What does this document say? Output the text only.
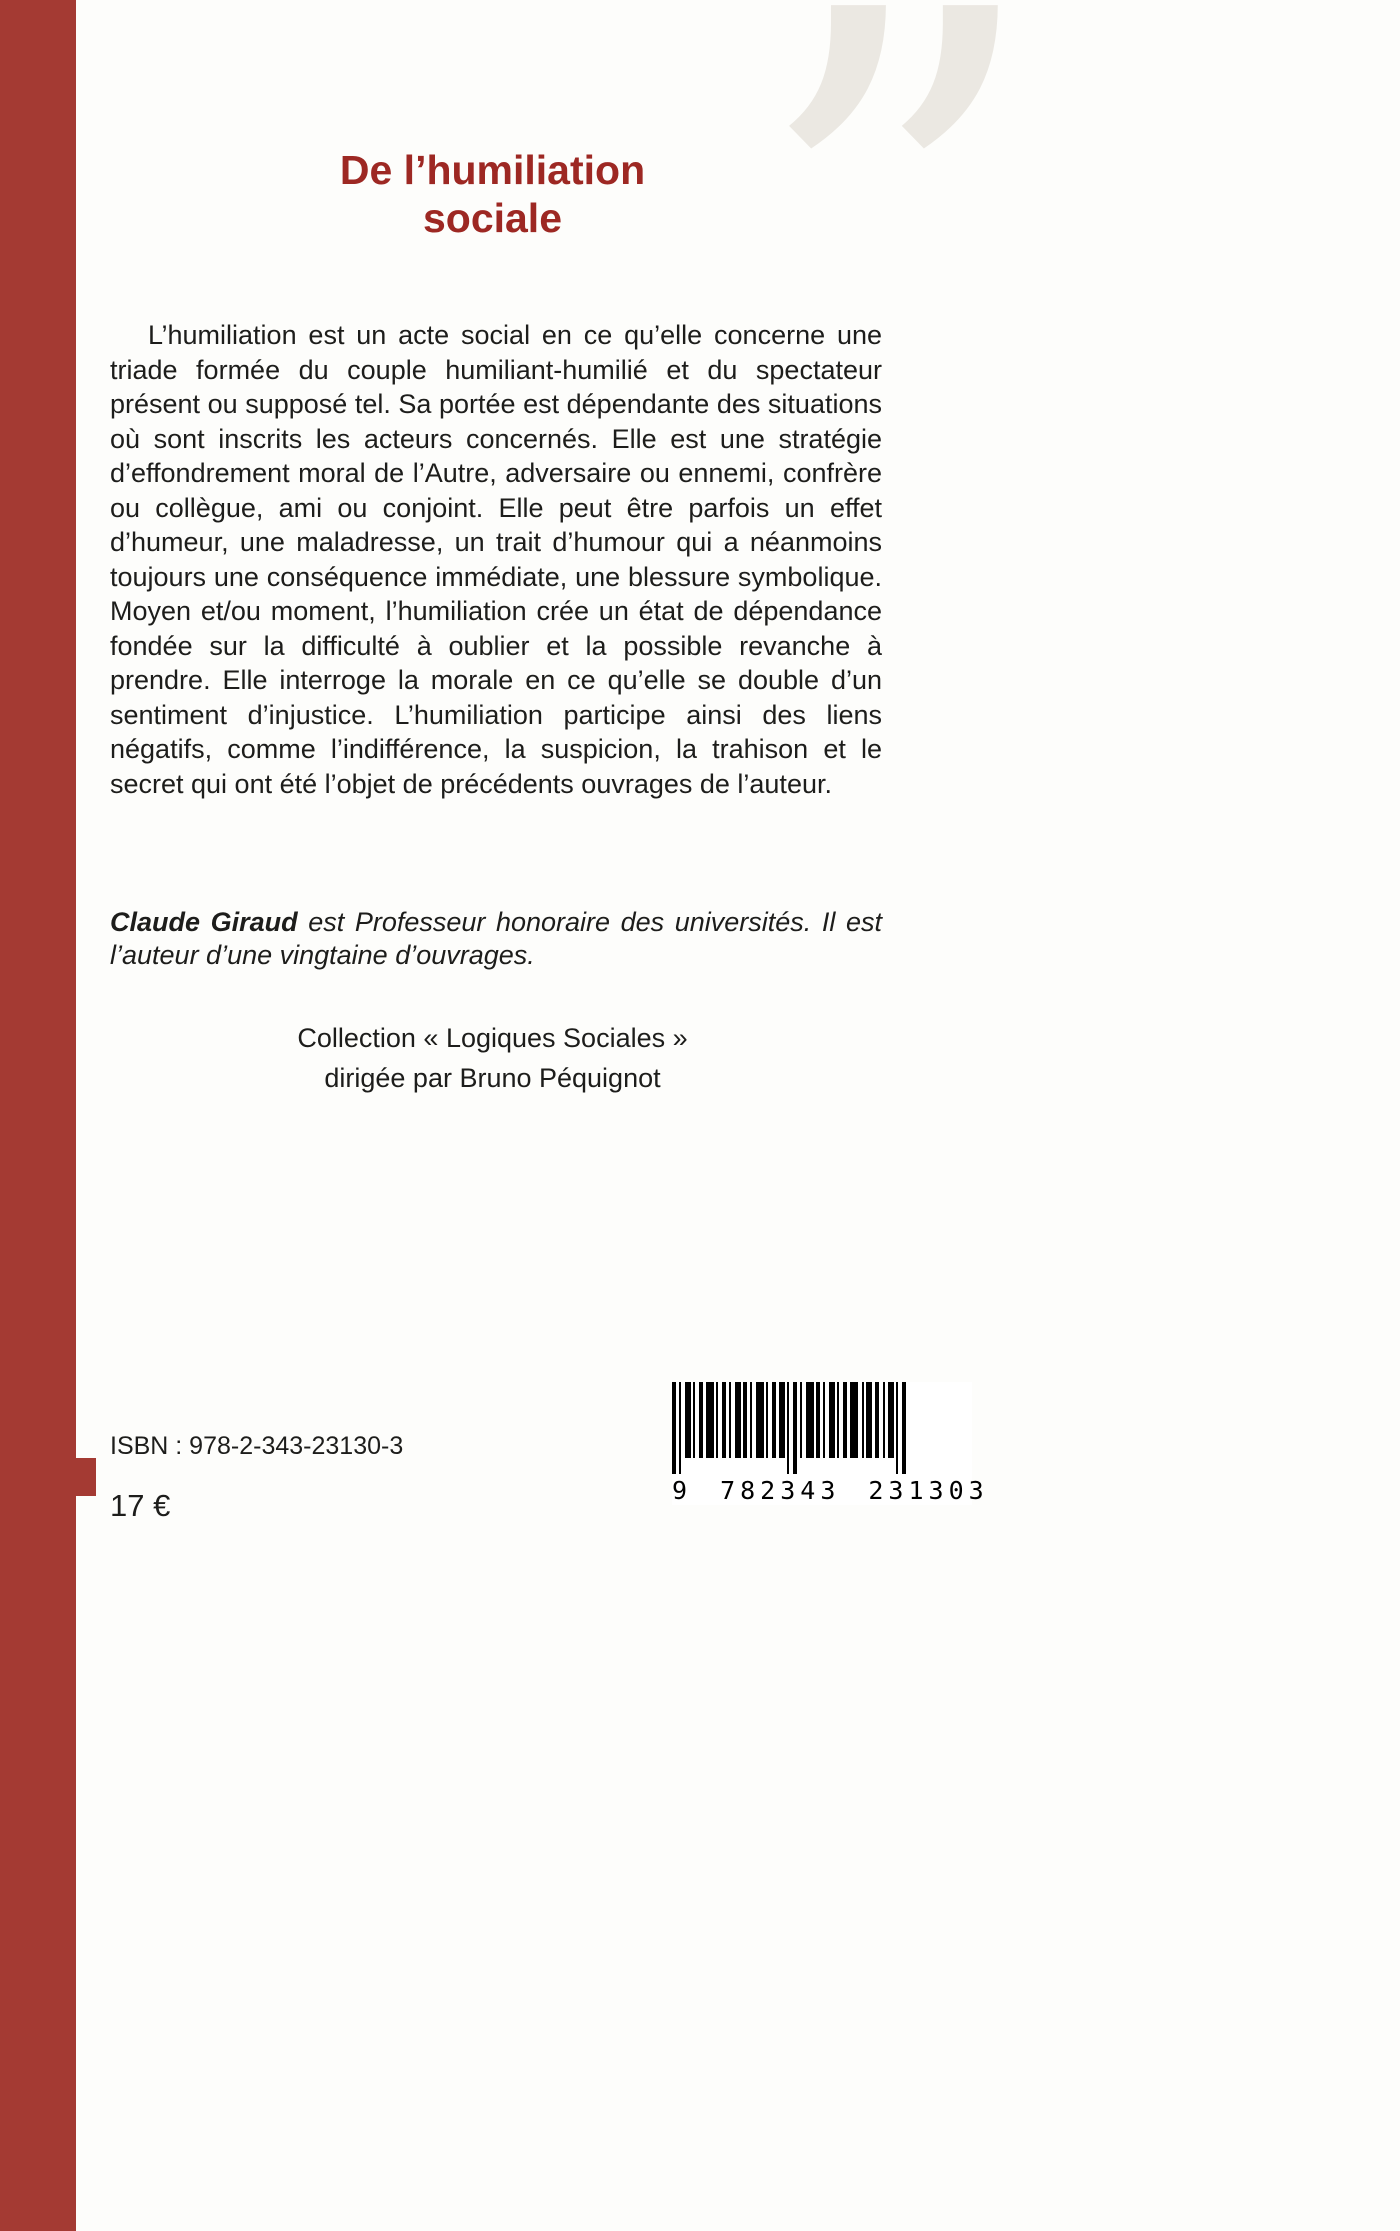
”
De l’humiliation
sociale

L’humiliation est un acte social en ce qu’elle concerne une triade formée du couple humiliant-humilié et du spectateur présent ou supposé tel. Sa portée est dépendante des situations où sont inscrits les acteurs concernés. Elle est une stratégie d’effondrement moral de l’Autre, adversaire ou ennemi, confrère ou collègue, ami ou conjoint. Elle peut être parfois un effet d’humeur, une maladresse, un trait d’humour qui a néanmoins toujours une conséquence immédiate, une blessure symbolique. Moyen et/ou moment, l’humiliation crée un état de dépendance fondée sur la difficulté à oublier et la possible revanche à prendre. Elle interroge la morale en ce qu’elle se double d’un sentiment d’injustice. L’humiliation participe ainsi des liens négatifs, comme l’indifférence, la suspicion, la trahison et le secret qui ont été l’objet de précédents ouvrages de l’auteur.

Claude Giraud est Professeur honoraire des universités. Il est l’auteur d’une vingtaine d’ouvrages.

Collection « Logiques Sociales »
dirigée par Bruno Péquignot
9 782343 231303
ISBN : 978-2-343-23130-3
17 €
